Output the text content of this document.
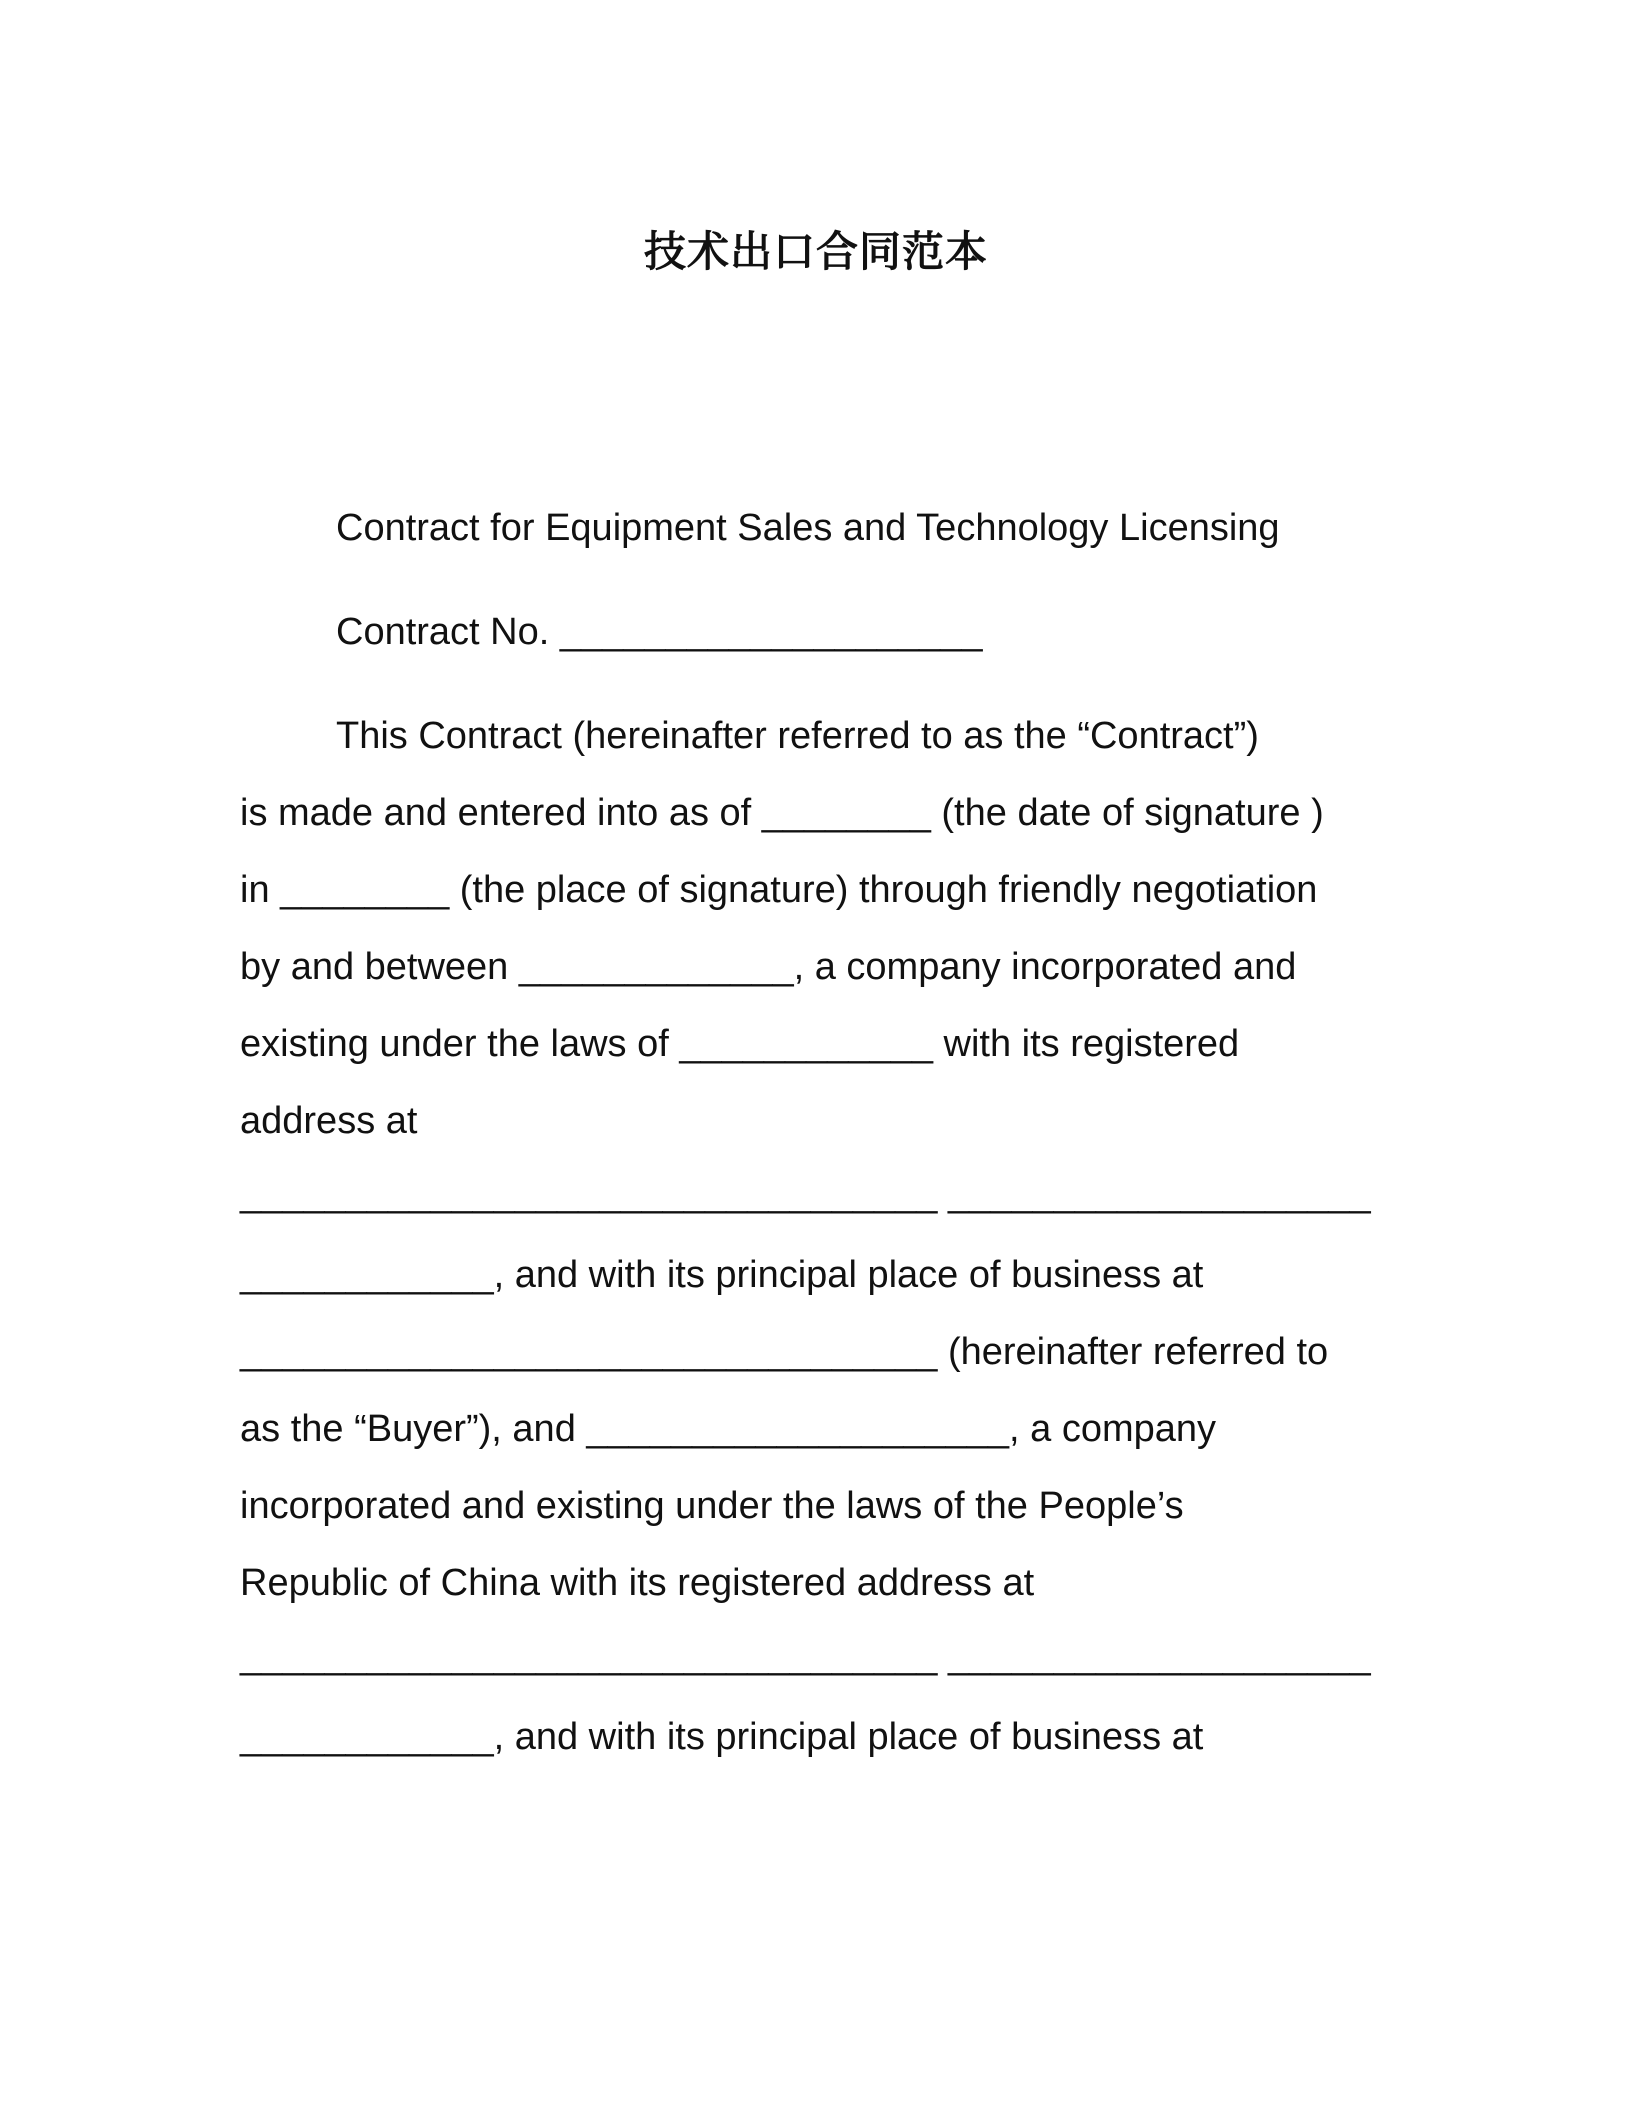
技术出口合同范本
Contract for Equipment Sales and Technology Licensing
Contract No. ____________________
This Contract (hereinafter referred to as the “Contract”)
is made and entered into as of ________ (the date of signature )
in ________ (the place of signature) through friendly negotiation
by and between _____________, a company incorporated and
existing under the laws of ____________ with its registered
address at
_________________________________ ____________________
____________, and with its principal place of business at
_________________________________ (hereinafter referred to
as the “Buyer”), and ____________________, a company
incorporated and existing under the laws of the People’s
Republic of China with its registered address at
_________________________________ ____________________
____________, and with its principal place of business at
